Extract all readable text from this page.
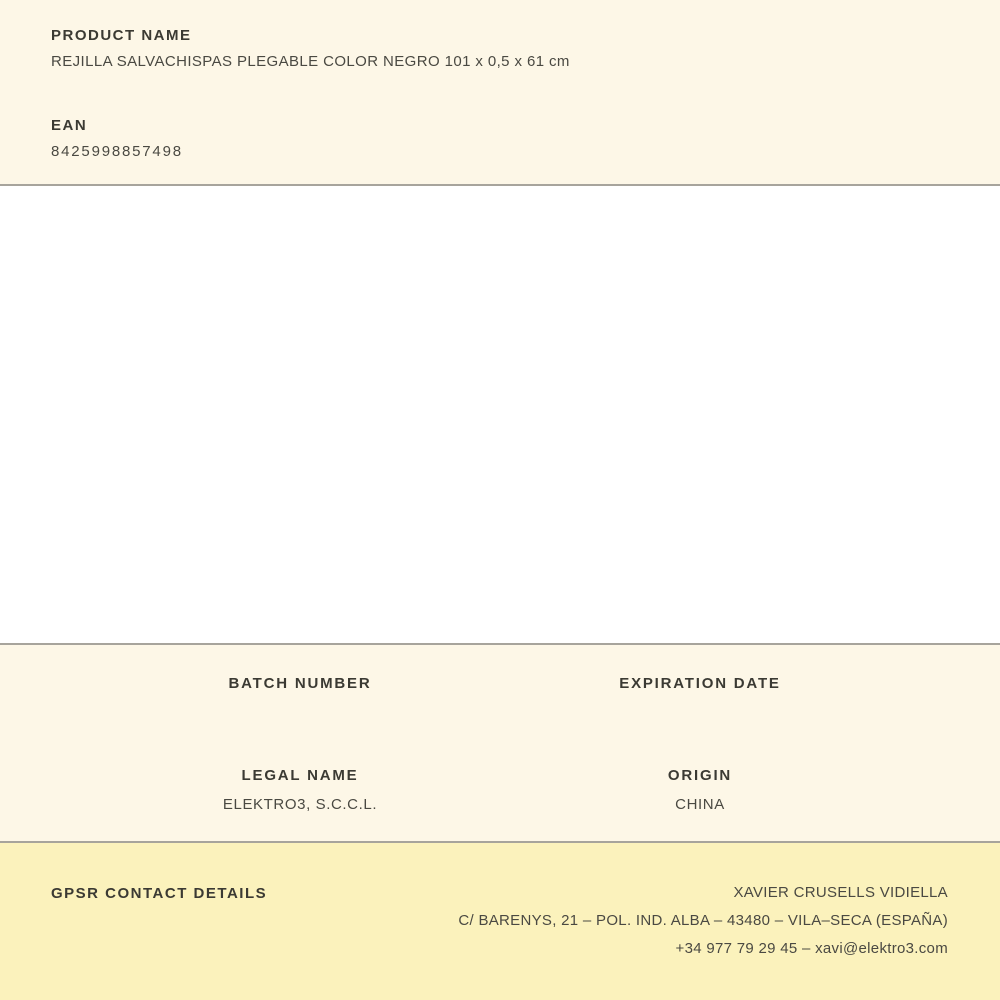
PRODUCT NAME
REJILLA SALVACHISPAS PLEGABLE COLOR NEGRO 101 x 0,5 x 61 cm
EAN
8425998857498
BATCH NUMBER	EXPIRATION DATE
LEGAL NAME
ELEKTRO3, S.C.C.L.
ORIGIN
CHINA
GPSR CONTACT DETAILS	XAVIER CRUSELLS VIDIELLA
C/ BARENYS, 21 – POL. IND. ALBA – 43480 – VILA–SECA (ESPAÑA)
+34 977 79 29 45 – xavi@elektro3.com
